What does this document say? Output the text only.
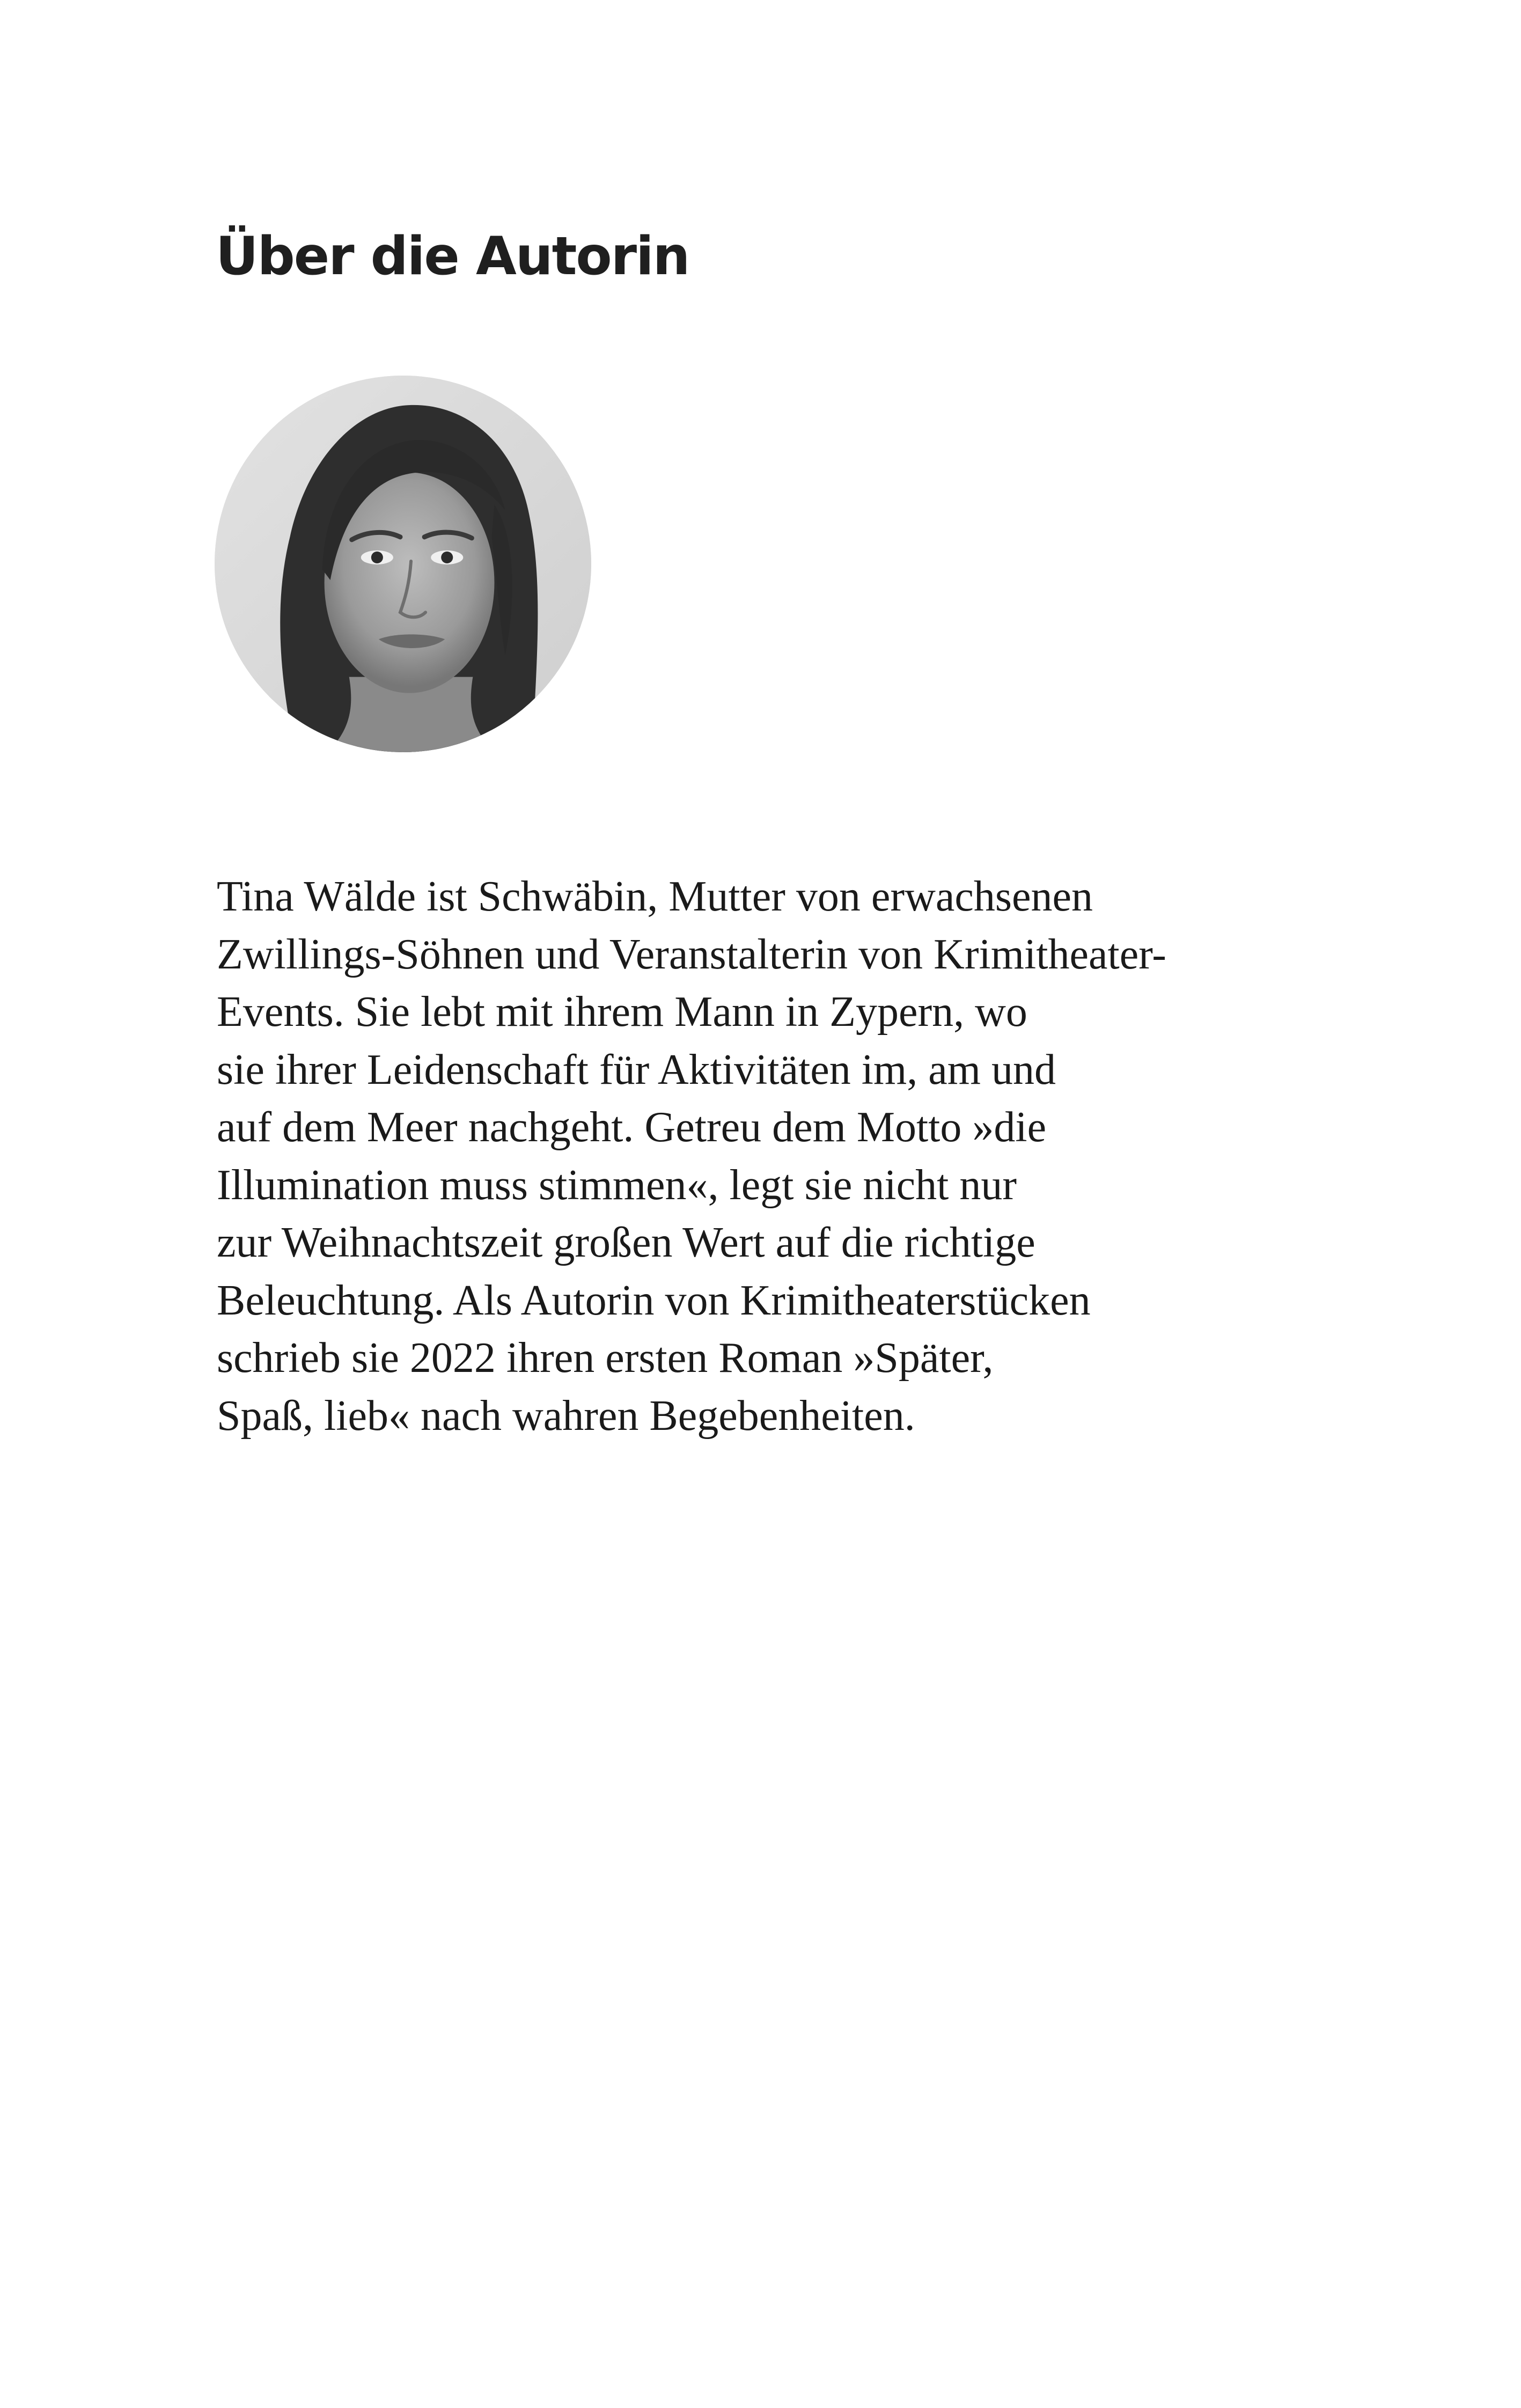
Über die Autorin

Tina Wälde ist Schwäbin, Mutter von erwachsenen
Zwillings-Söhnen und Veranstalterin von Krimitheater-
Events. Sie lebt mit ihrem Mann in Zypern, wo
sie ihrer Leidenschaft für Aktivitäten im, am und
auf dem Meer nachgeht. Getreu dem Motto »die
Illumination muss stimmen«, legt sie nicht nur
zur Weihnachtszeit großen Wert auf die richtige
Beleuchtung. Als Autorin von Krimitheaterstücken
schrieb sie 2022 ihren ersten Roman »Später,
Spaß, lieb« nach wahren Begebenheiten.
